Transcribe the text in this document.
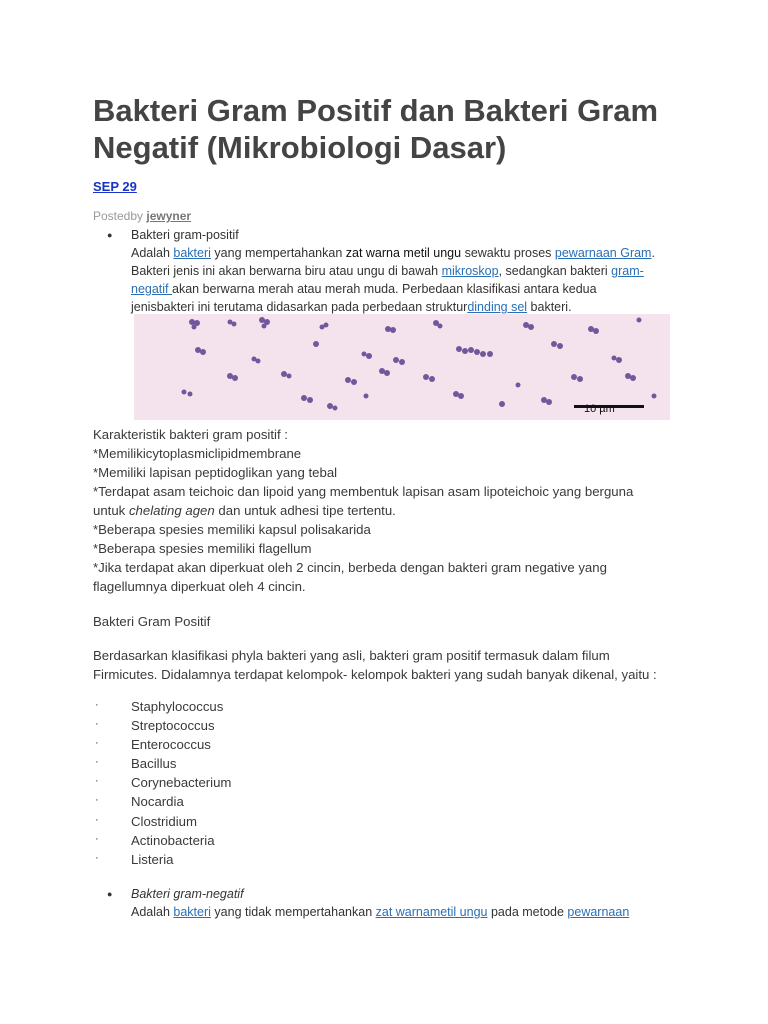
Bakteri Gram Positif dan Bakteri Gram Negatif (Mikrobiologi Dasar)
SEP 29
Postedby jewyner
● Bakteri gram-positif
Adalah bakteri yang mempertahankan zat warna metil ungu sewaktu proses pewarnaan Gram.
Bakteri jenis ini akan berwarna biru atau ungu di bawah mikroskop, sedangkan bakteri gram-
negatif akan berwarna merah atau merah muda. Perbedaan klasifikasi antara kedua
jenisbakteri ini terutama didasarkan pada perbedaan strukturdinding sel bakteri.
10 µm
Karakteristik bakteri gram positif :
*Memilikicytoplasmiclipidmembrane
*Memiliki lapisan peptidoglikan yang tebal
*Terdapat asam teichoic dan lipoid yang membentuk lapisan asam lipoteichoic yang berguna
untuk chelating agen dan untuk adhesi tipe tertentu.
*Beberapa spesies memiliki kapsul polisakarida
*Beberapa spesies memiliki flagellum
*Jika terdapat akan diperkuat oleh 2 cincin, berbeda dengan bakteri gram negative yang
flagellumnya diperkuat oleh 4 cincin.
Bakteri Gram Positif
Berdasarkan klasifikasi phyla bakteri yang asli, bakteri gram positif termasuk dalam filum
Firmicutes. Didalamnya terdapat kelompok- kelompok bakteri yang sudah banyak dikenal, yaitu :
· Staphylococcus
· Streptococcus
· Enterococcus
· Bacillus
· Corynebacterium
· Nocardia
· Clostridium
· Actinobacteria
· Listeria
● Bakteri gram-negatif
Adalah bakteri yang tidak mempertahankan zat warnametil ungu pada metode pewarnaan
